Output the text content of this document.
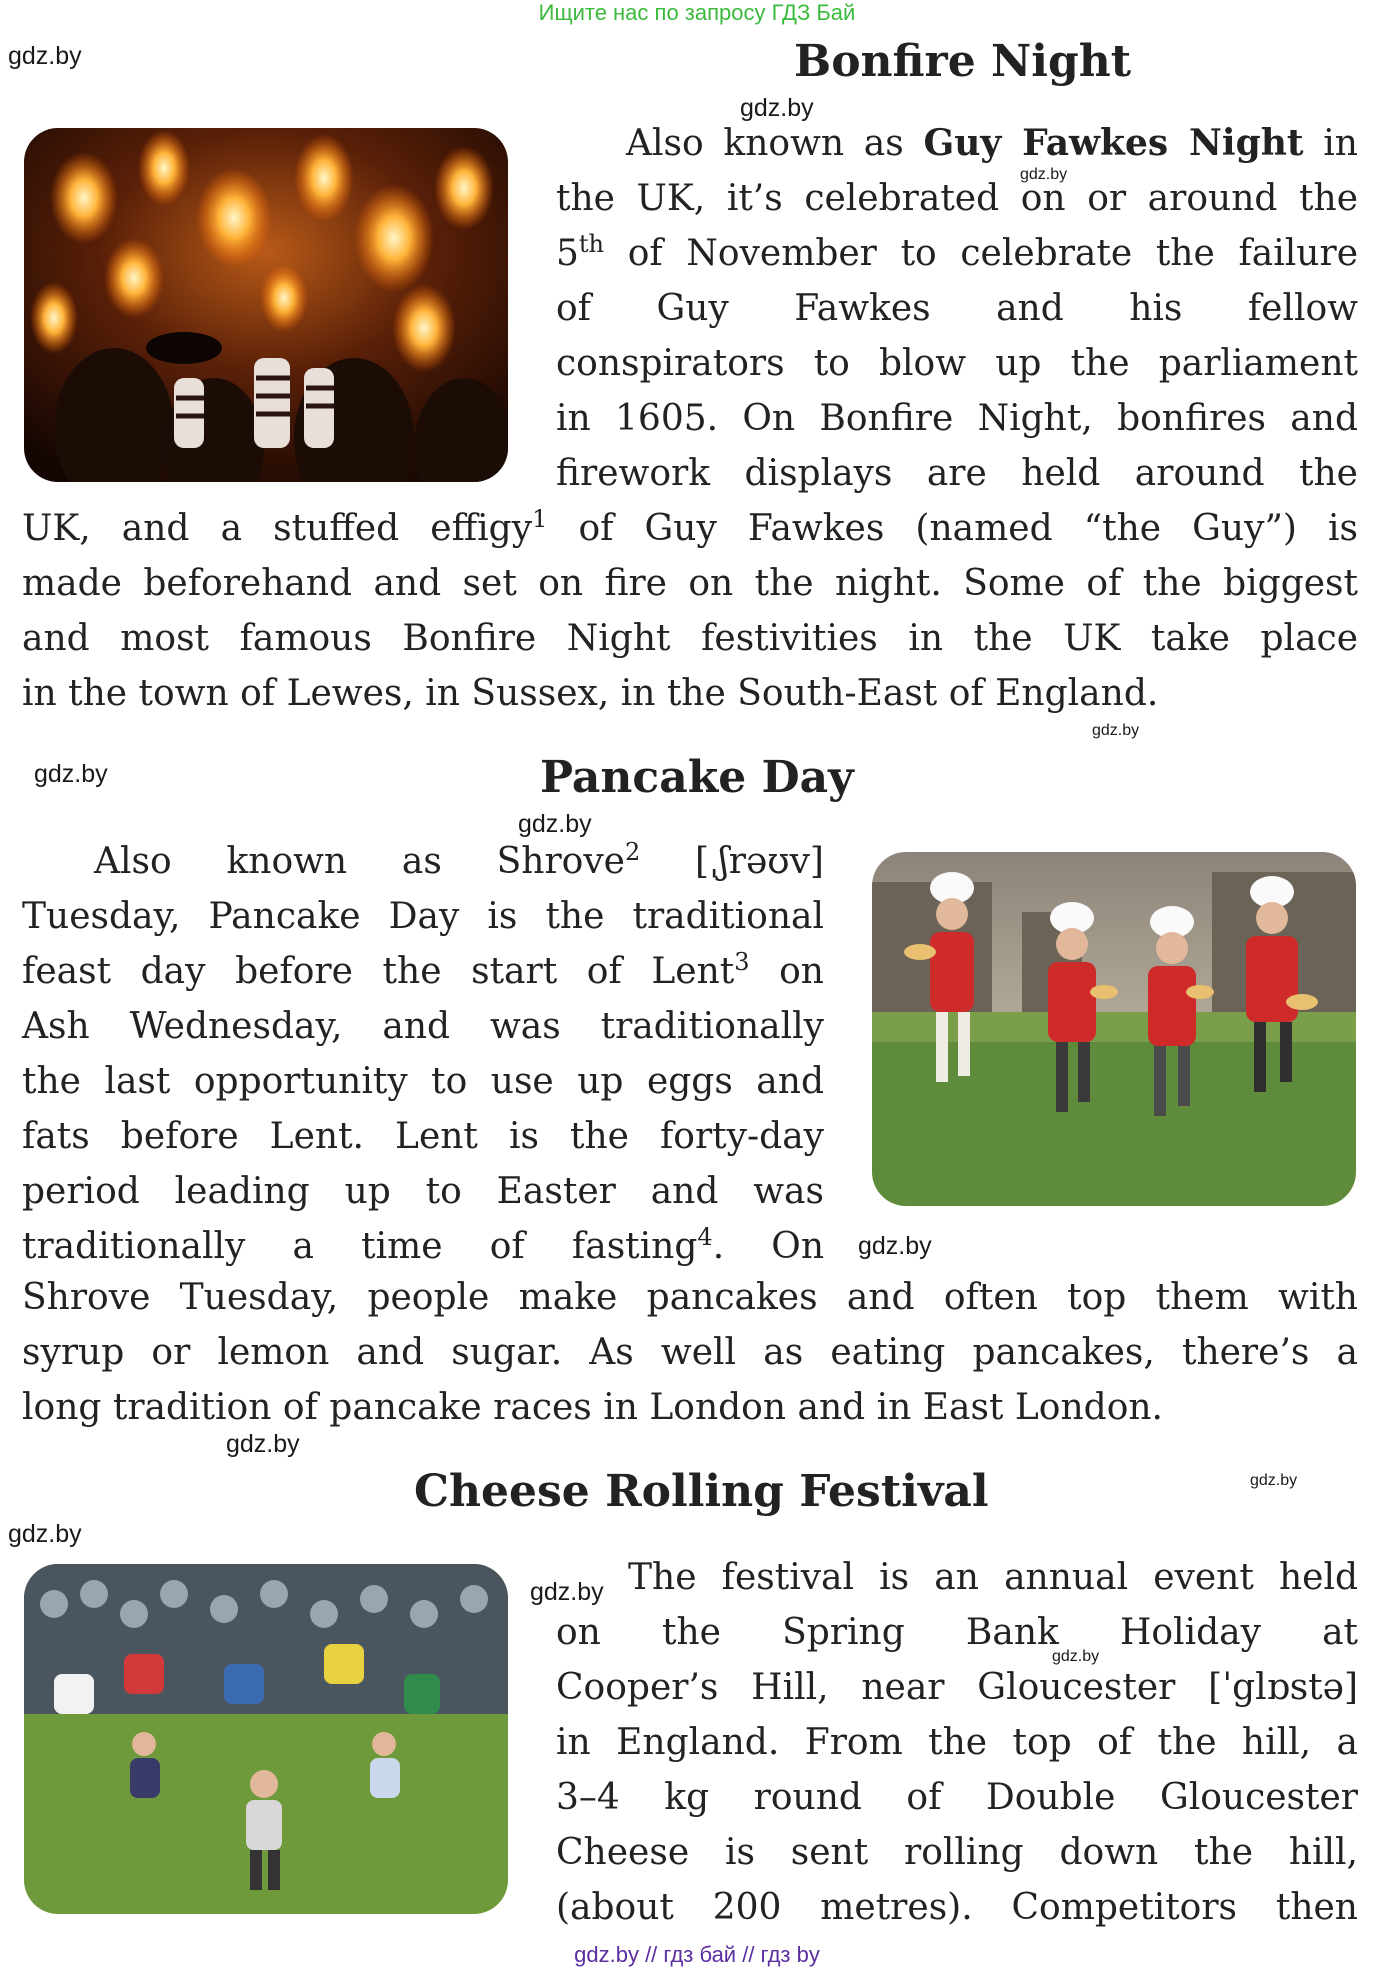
Ищите нас по запросу ГДЗ Бай
gdz.by
gdz.by
gdz.by
gdz.by
gdz.by
gdz.by
gdz.by
gdz.by
gdz.by
gdz.by
gdz.by
gdz.by
Bonfire Night

Also known as Guy Fawkes Night in

the UK, it’s celebrated on or around the

5th of November to celebrate the failure

of Guy Fawkes and his fellow

conspirators to blow up the parliament

in 1605. On Bonfire Night, bonfires and

firework displays are held around the

UK, and a stuffed effigy$^1$ of Guy Fawkes (named “the Guy”) is

made beforehand and set on fire on the night. Some of the biggest

and most famous Bonfire Night festivities in the UK take place

in the town of Lewes, in Sussex, in the South-East of England.

Pancake Day

Also known as Shrove$^2$ [ˌʃrəʊv]

Tuesday, Pancake Day is the traditional

feast day before the start of Lent$^3$ on

Ash Wednesday, and was traditionally

the last opportunity to use up eggs and

fats before Lent. Lent is the forty-day

period leading up to Easter and was

traditionally a time of fasting$^4$. On

Shrove Tuesday, people make pancakes and often top them with

syrup or lemon and sugar. As well as eating pancakes, there’s a

long tradition of pancake races in London and in East London.

Cheese Rolling Festival

The festival is an annual event held

on the Spring Bank Holiday at

Cooper’s Hill, near Gloucester [ˈglɒstə]

in England. From the top of the hill, a

3–4 kg round of Double Gloucester

Cheese is sent rolling down the hill,

(about 200 metres). Competitors then

gdz.by // гдз бай // гдз by
